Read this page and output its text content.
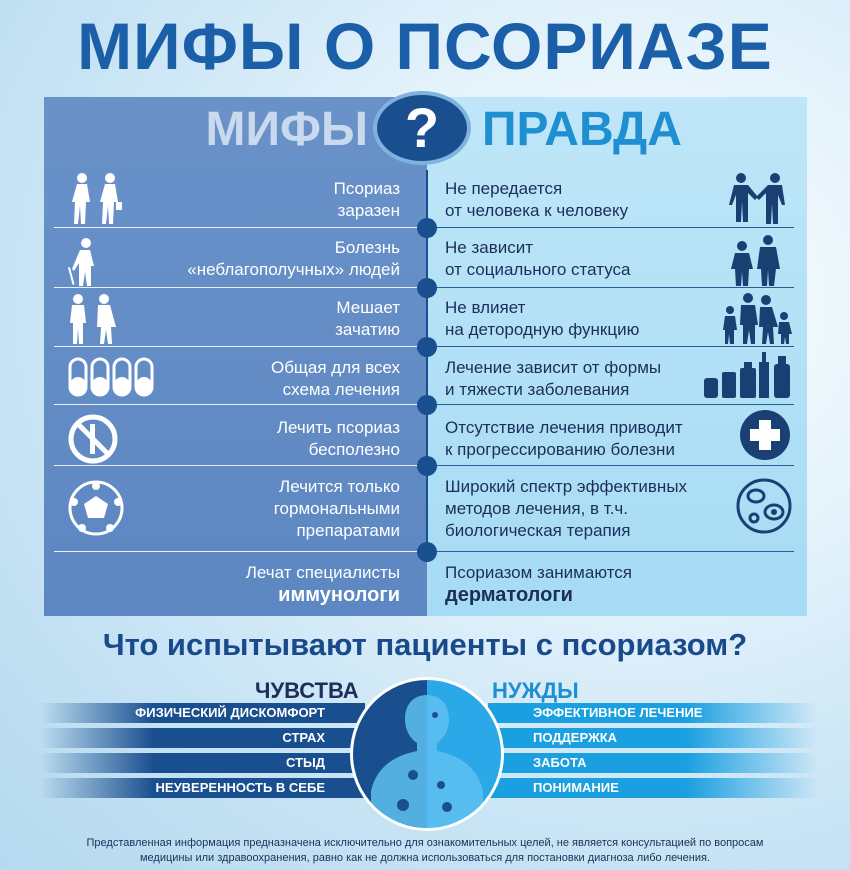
МИФЫ О ПСОРИАЗЕ
МИФЫ ПРАВДА
?
Псориаз
заразен
Не передается
от человека к человеку
Болезнь
«неблагополучных» людей
Не зависит
от социального статуса
Мешает
зачатию
Не влияет
на детородную функцию
Общая для всех
схема лечения
Лечение зависит от формы
и тяжести заболевания
Лечить псориаз
бесполезно
Отсутствие лечения приводит
к прогрессированию болезни
Лечится только
гормональными
препаратами
Широкий спектр эффективных
методов лечения, в т.ч.
биологическая терапия
Лечат специалисты
иммунологи
Псориазом занимаются
дерматологи
Что испытывают пациенты с псориазом?
ЧУВСТВА	НУЖДЫ
ФИЗИЧЕСКИЙ ДИСКОМФОРТ
СТРАХ
СТЫД
НЕУВЕРЕННОСТЬ В СЕБЕ
ЭФФЕКТИВНОЕ ЛЕЧЕНИЕ
ПОДДЕРЖКА
ЗАБОТА
ПОНИМАНИЕ
Представленная информация предназначена исключительно для ознакомительных целей, не является консультацией по вопросам
медицины или здравоохранения, равно как не должна использоваться для постановки диагноза либо лечения.
